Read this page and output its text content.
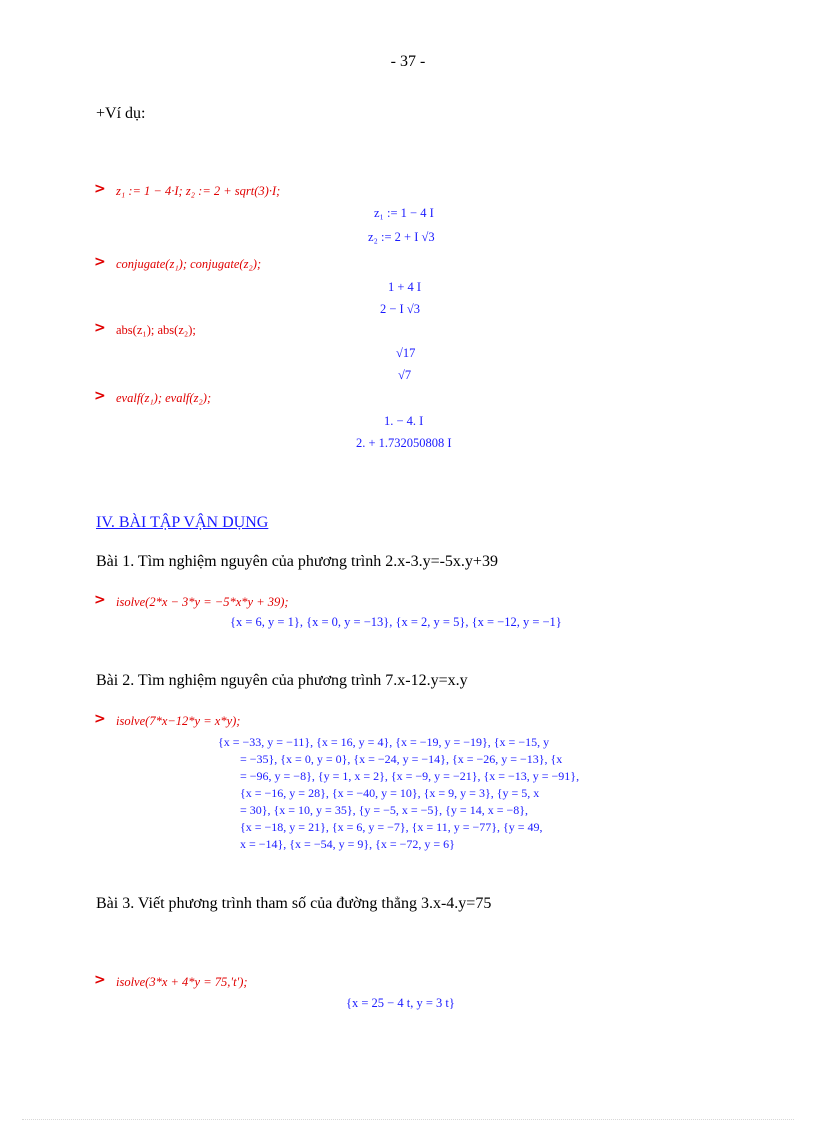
- 37 -
+Ví dụ:
> z₁ := 1 − 4·I; z₂ := 2 + sqrt(3)·I;
z₁ := 1 − 4 I
z₂ := 2 + I √3
> conjugate(z₁); conjugate(z₂);
1 + 4 I
2 − I √3
> abs(z₁); abs(z₂);
√17
√7
> evalf(z₁); evalf(z₂);
1. − 4. I
2. + 1.732050808 I
IV. BÀI TẬP VẬN DỤNG
Bài 1. Tìm nghiệm nguyên của phương trình 2.x-3.y=-5x.y+39
> isolve(2*x − 3*y = −5*x*y + 39);
{x = 6, y = 1}, {x = 0, y = −13}, {x = 2, y = 5}, {x = −12, y = −1}
Bài 2. Tìm nghiệm nguyên của phương trình 7.x-12.y=x.y
> isolve(7*x−12*y = x*y);
{x = −33, y = −11}, {x = 16, y = 4}, {x = −19, y = −19}, {x = −15, y
= −35}, {x = 0, y = 0}, {x = −24, y = −14}, {x = −26, y = −13}, {x
= −96, y = −8}, {y = 1, x = 2}, {x = −9, y = −21}, {x = −13, y = −91},
{x = −16, y = 28}, {x = −40, y = 10}, {x = 9, y = 3}, {y = 5, x
= 30}, {x = 10, y = 35}, {y = −5, x = −5}, {y = 14, x = −8},
{x = −18, y = 21}, {x = 6, y = −7}, {x = 11, y = −77}, {y = 49,
x = −14}, {x = −54, y = 9}, {x = −72, y = 6}
Bài 3. Viết phương trình tham số của đường thẳng 3.x-4.y=75
> isolve(3*x + 4*y = 75,'t');
{x = 25 − 4 t, y = 3 t}
